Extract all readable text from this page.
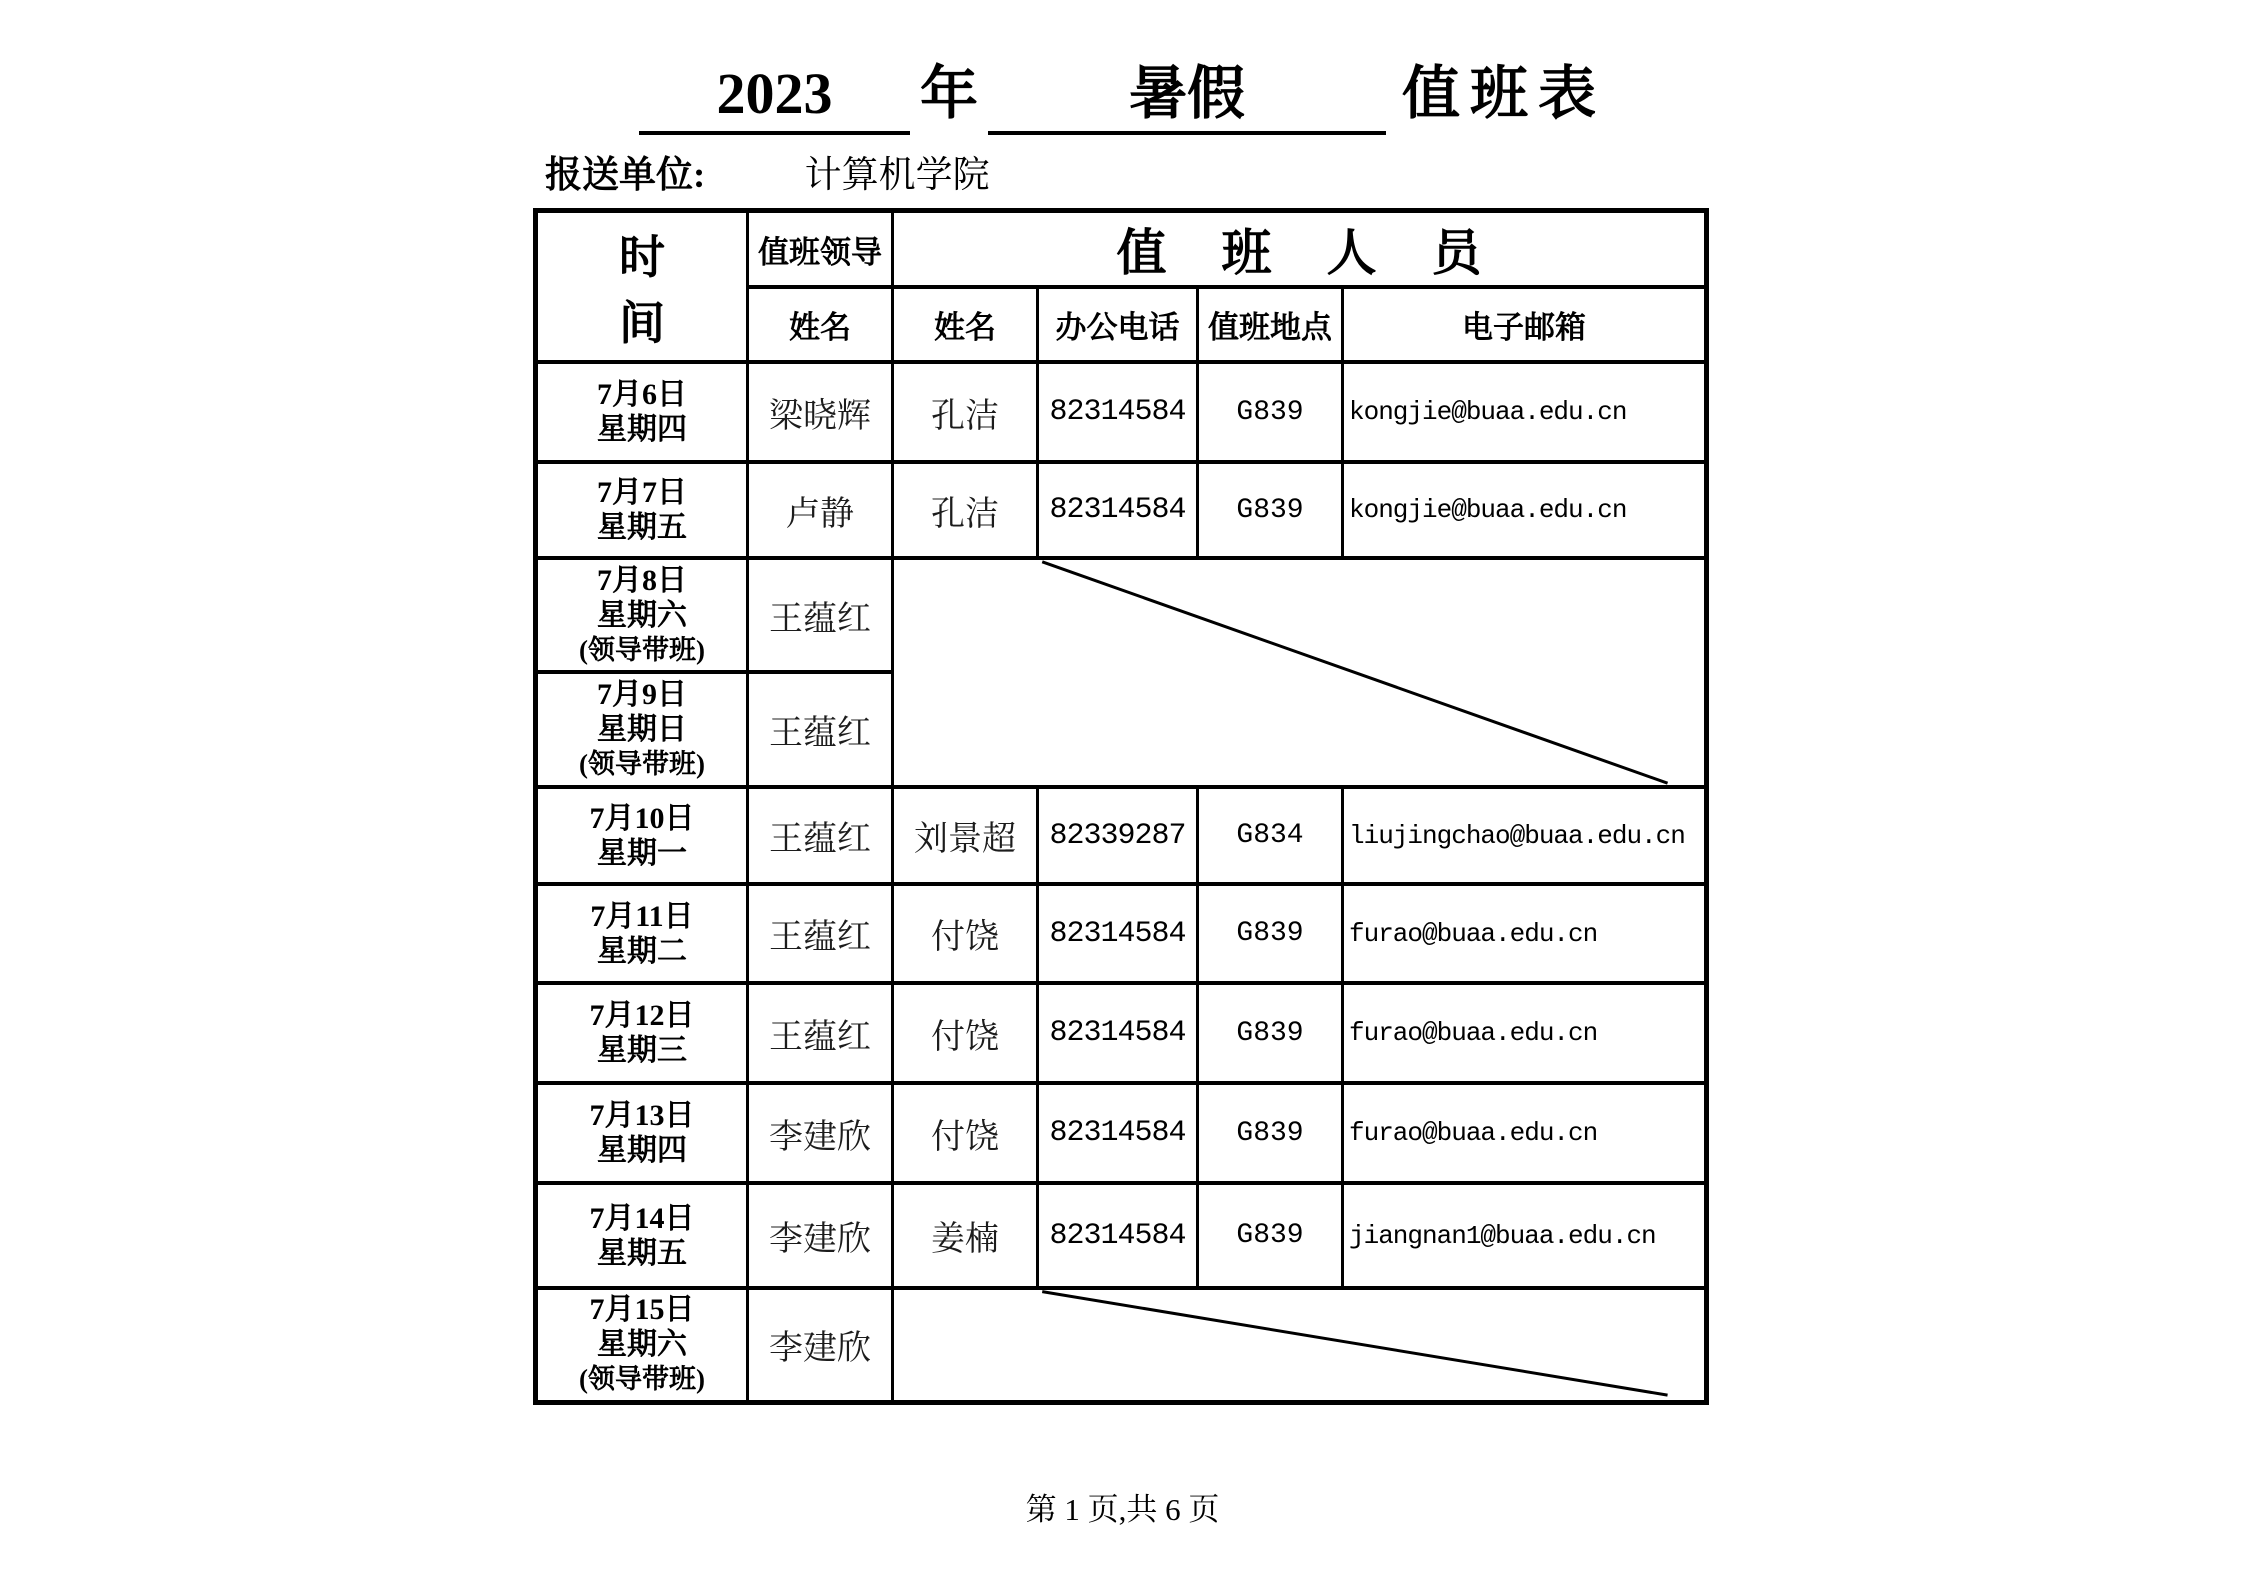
2023	年	暑假	值班表
报送单位:	计算机学院
时间	值班领导	值班人员			
	姓名	姓名	办公电话	值班地点	电子邮箱

7月6日
星期四	梁晓辉	孔洁	82314584	G839	kongjie@buaa.edu.cn

7月7日
星期五	卢静	孔洁	82314584	G839	kongjie@buaa.edu.cn

7月8日
星期六
(领导带班)	王蕴红	

7月9日
星期日
(领导带班)	王蕴红				

7月10日
星期一	王蕴红	刘景超	82339287	G834	liujingchao@buaa.edu.cn

7月11日
星期二	王蕴红	付饶	82314584	G839	furao@buaa.edu.cn

7月12日
星期三	王蕴红	付饶	82314584	G839	furao@buaa.edu.cn

7月13日
星期四	李建欣	付饶	82314584	G839	furao@buaa.edu.cn

7月14日
星期五	李建欣	姜楠	82314584	G839	jiangnan1@buaa.edu.cn

7月15日
星期六
(领导带班)	李建欣	
第 1 页,共 6 页
